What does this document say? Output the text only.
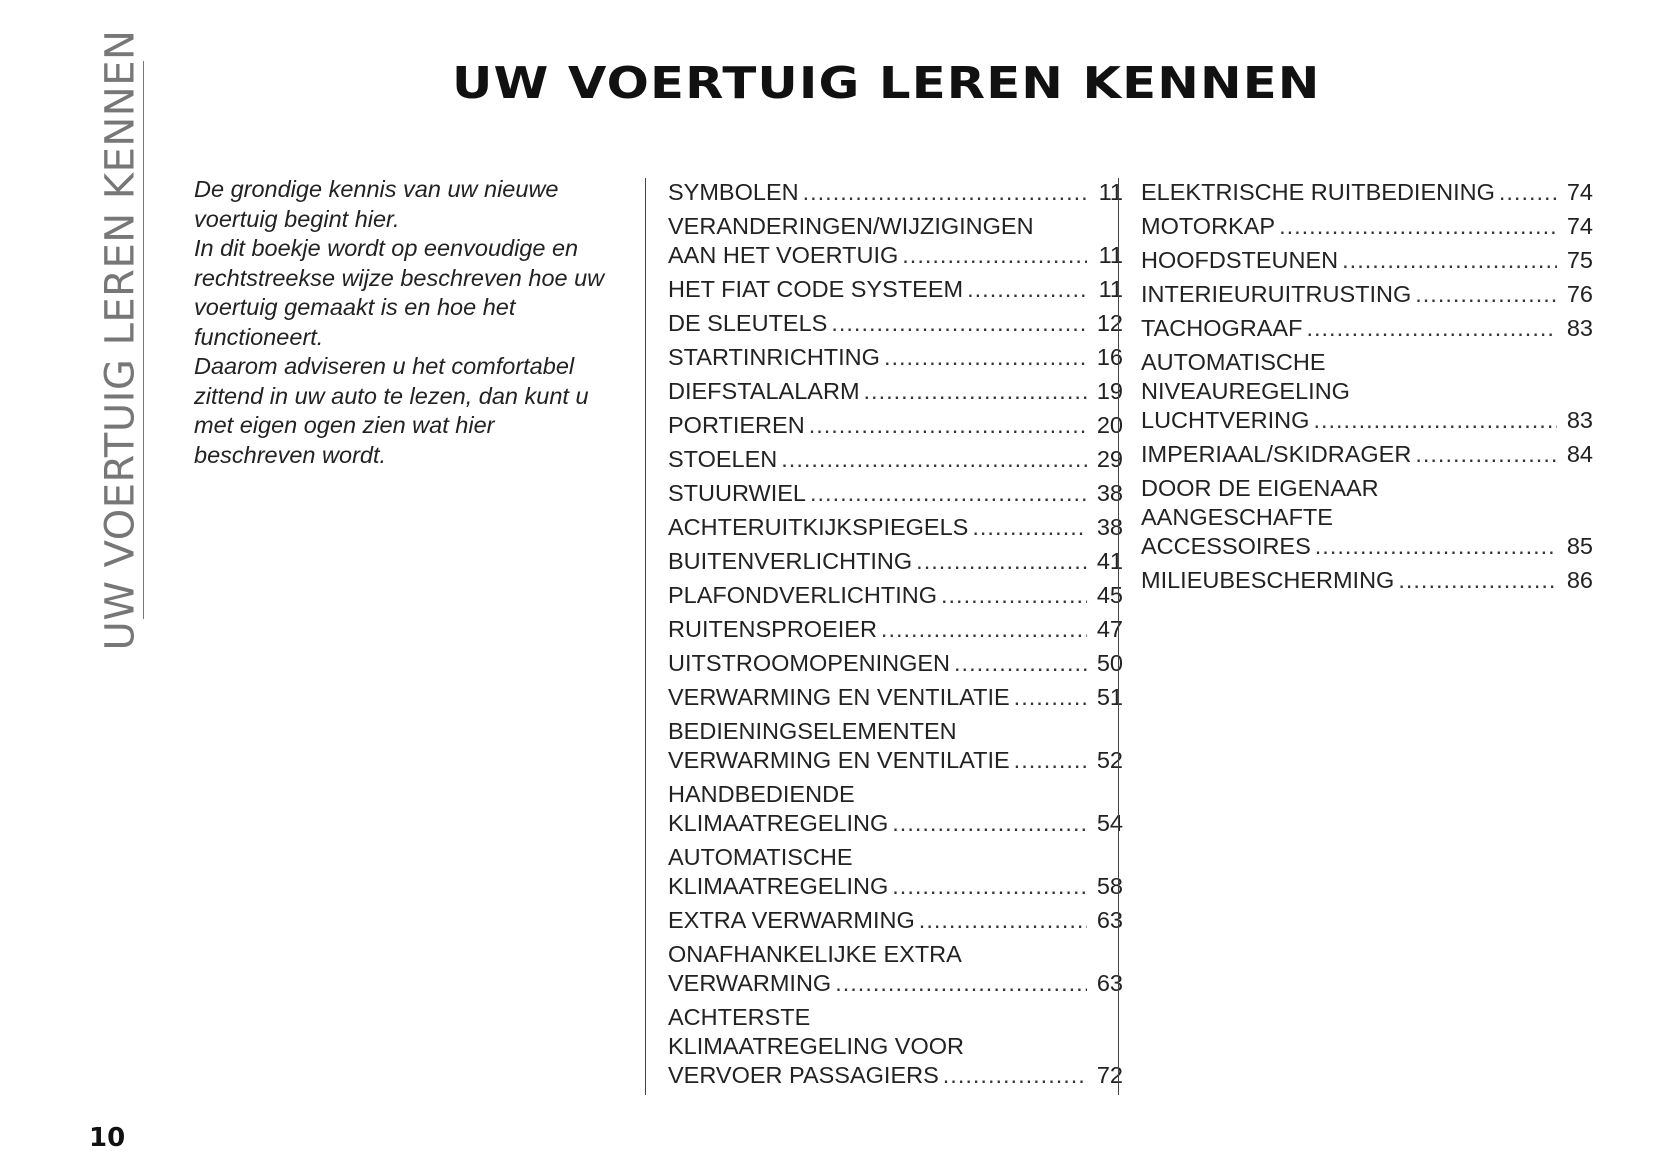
UW VOERTUIG LEREN KENNEN	UW VOERTUIG LEREN KENNEN

De grondige kennis van uw nieuwe voertuig begint hier.

In dit boekje wordt op eenvoudige en rechtstreekse wijze beschreven hoe uw voertuig gemaakt is en hoe het functioneert.

Daarom adviseren u het comfortabel zittend in uw auto te lezen, dan kunt u met eigen ogen zien wat hier beschreven wordt.

SYMBOLEN .....	11
VERANDERINGEN/WIJZIGINGEN
AAN HET VOERTUIG .....	11
HET FIAT CODE SYSTEEM .....	11
DE SLEUTELS .....	12
STARTINRICHTING .....	16
DIEFSTALALARM .....	19
PORTIEREN .....	20
STOELEN .....	29
STUURWIEL .....	38
ACHTERUITKIJKSPIEGELS .....	38
BUITENVERLICHTING .....	41
PLAFONDVERLICHTING .....	45
RUITENSPROEIER .....	47
UITSTROOMOPENINGEN .....	50
VERWARMING EN VENTILATIE .....	51
BEDIENINGSELEMENTEN
VERWARMING EN VENTILATIE .....	52
HANDBEDIENDE
KLIMAATREGELING .....	54
AUTOMATISCHE
KLIMAATREGELING .....	58
EXTRA VERWARMING .....	63
ONAFHANKELIJKE EXTRA
VERWARMING .....	63
ACHTERSTE
KLIMAATREGELING VOOR
VERVOER PASSAGIERS .....	72
ELEKTRISCHE RUITBEDIENING .....	74
MOTORKAP .....	74
HOOFDSTEUNEN .....	75
INTERIEURUITRUSTING .....	76
TACHOGRAAF .....	83
AUTOMATISCHE
NIVEAUREGELING
LUCHTVERING .....	83
IMPERIAAL/SKIDRAGER .....	84
DOOR DE EIGENAAR
AANGESCHAFTE
ACCESSOIRES .....	85
MILIEUBESCHERMING .....	86
10
